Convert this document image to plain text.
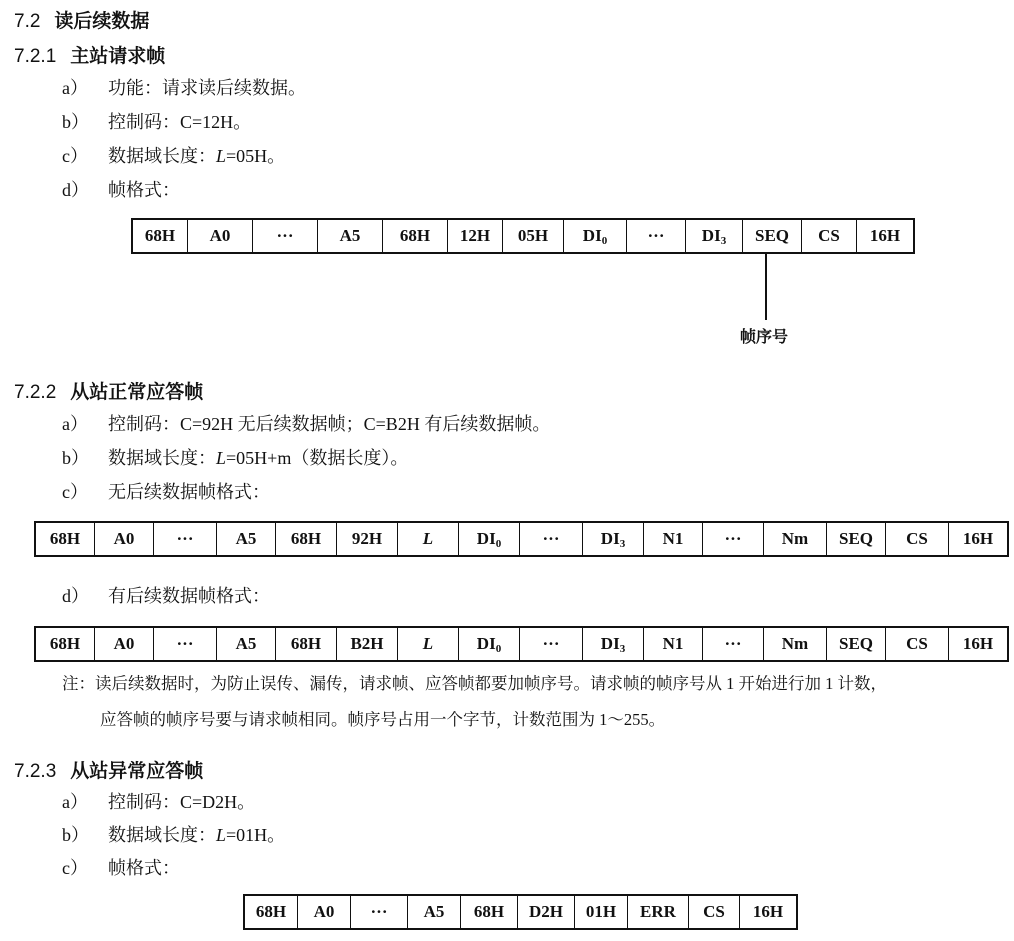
7.2 读后续数据
7.2.1 主站请求帧
a） 功能：请求读后续数据。
b） 控制码：C=12H。
c） 数据域长度：L=05H。
d） 帧格式：
68H	A0	···	A5	68H	12H	05H	$DI_0$	···	$DI_3$	SEQ	CS	16H
帧序号
7.2.2 从站正常应答帧
a） 控制码：C=92H 无后续数据帧；C=B2H 有后续数据帧。
b） 数据域长度：L=05H+m（数据长度）。
c） 无后续数据帧格式：
68H	A0	···	A5	68H	92H	L	$DI_0$	···	$DI_3$	N1	···	Nm	SEQ	CS	16H
d） 有后续数据帧格式：
68H	A0	···	A5	68H	B2H	L	$DI_0$	···	$DI_3$	N1	···	Nm	SEQ	CS	16H
注：读后续数据时，为防止误传、漏传，请求帧、应答帧都要加帧序号。请求帧的帧序号从 1 开始进行加 1 计数，
应答帧的帧序号要与请求帧相同。帧序号占用一个字节，计数范围为 1～255。
7.2.3 从站异常应答帧
a） 控制码：C=D2H。
b） 数据域长度：L=01H。
c） 帧格式：
68H	A0	···	A5	68H	D2H	01H	ERR	CS	16H
